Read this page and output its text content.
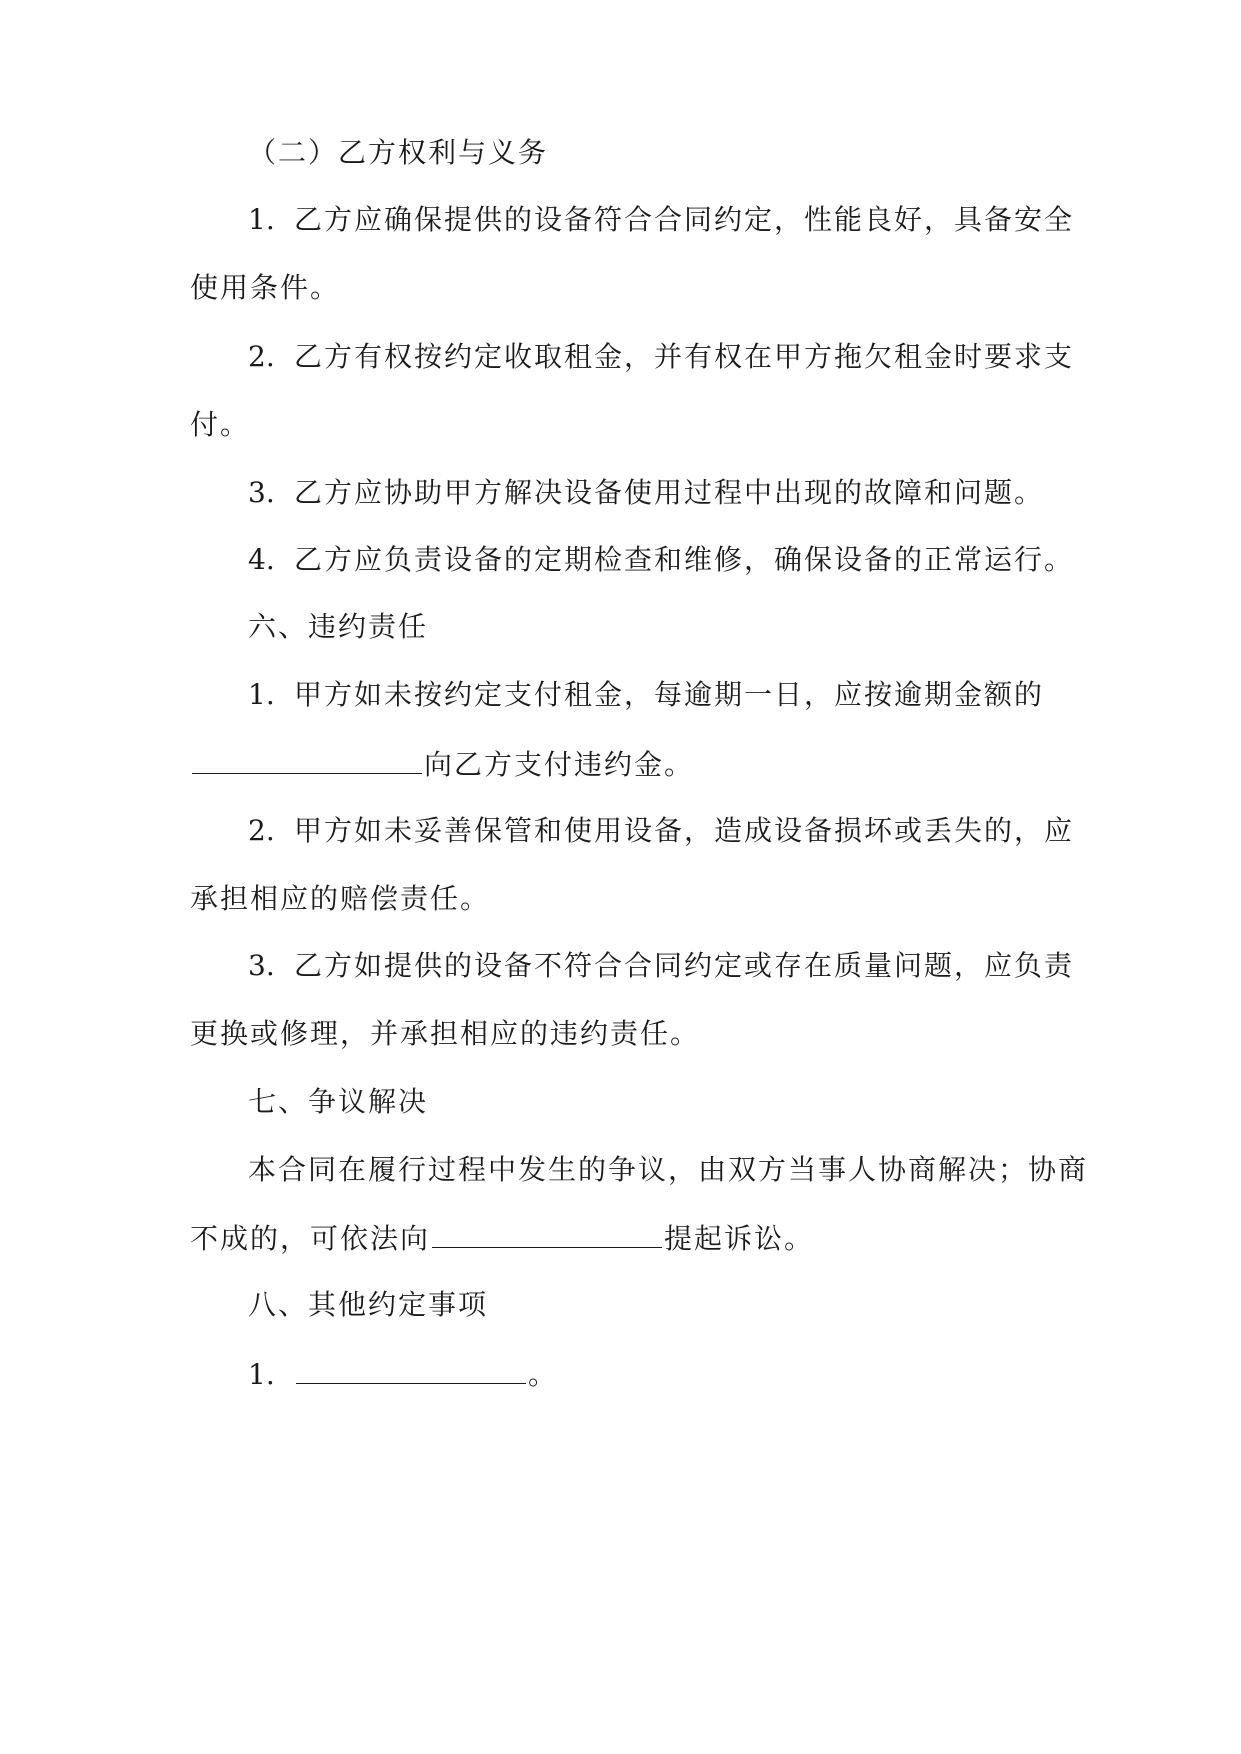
（二）乙方权利与义务
1. 乙方应确保提供的设备符合合同约定，性能良好，具备安全
使用条件。
2. 乙方有权按约定收取租金，并有权在甲方拖欠租金时要求支
付。
3. 乙方应协助甲方解决设备使用过程中出现的故障和问题。
4. 乙方应负责设备的定期检查和维修，确保设备的正常运行。
六、违约责任
1. 甲方如未按约定支付租金，每逾期一日，应按逾期金额的
向乙方支付违约金。
2. 甲方如未妥善保管和使用设备，造成设备损坏或丢失的，应
承担相应的赔偿责任。
3. 乙方如提供的设备不符合合同约定或存在质量问题，应负责
更换或修理，并承担相应的违约责任。
七、争议解决
本合同在履行过程中发生的争议，由双方当事人协商解决；协商
不成的，可依法向	提起诉讼。
八、其他约定事项
1.	。
